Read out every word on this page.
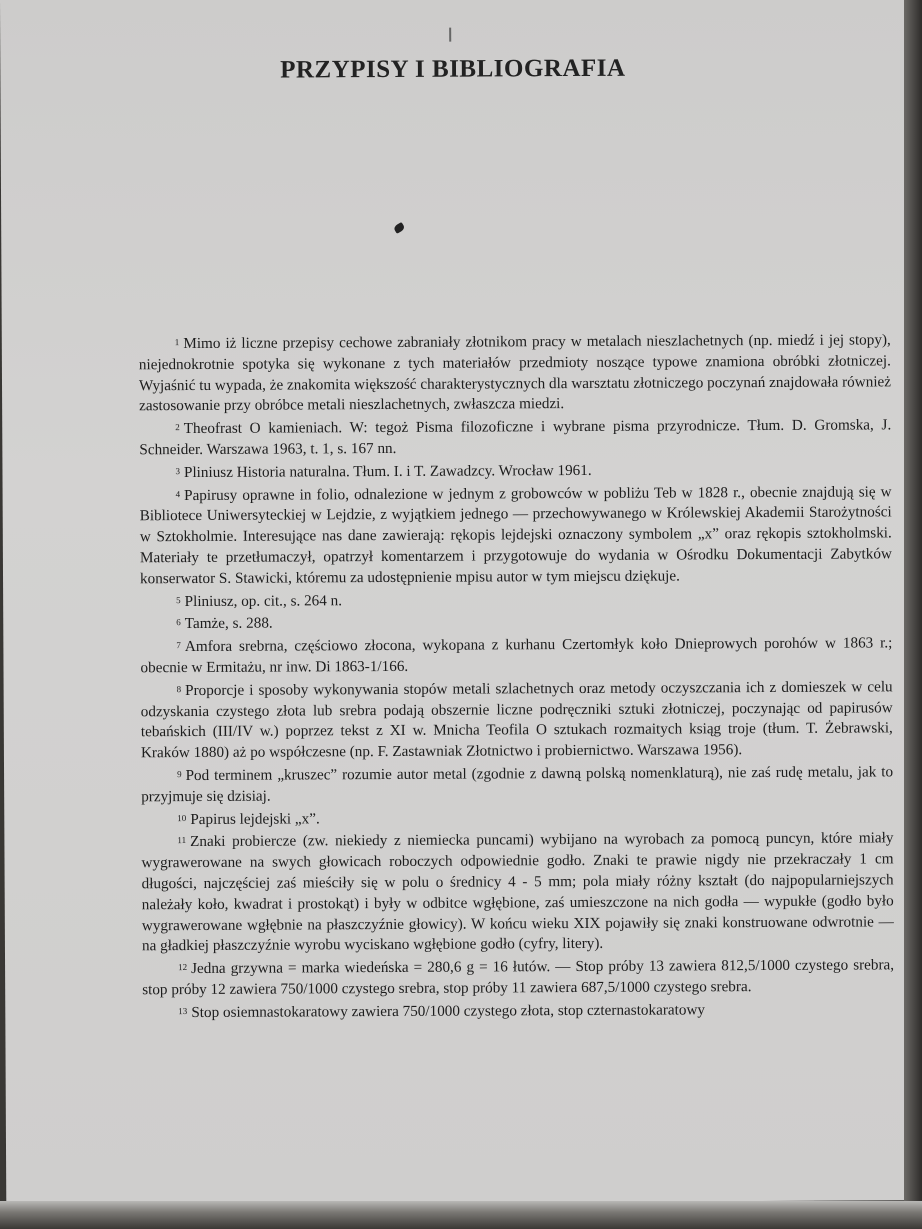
PRZYPISY I BIBLIOGRAFIA

$^1$ Mimo iż liczne przepisy cechowe zabraniały złotnikom pracy w metalach nieszlachetnych (np. miedź i jej stopy), niejednokrotnie spotyka się wykonane z tych materiałów przedmioty noszące typowe znamiona obróbki złotniczej. Wyjaśnić tu wypada, że znakomita większość charakterystycznych dla warsztatu złotniczego poczynań znajdowała również zastosowanie przy obróbce metali nieszlachetnych, zwłaszcza miedzi.

$^2$ Theofrast O kamieniach. W: tegoż Pisma filozoficzne i wybrane pisma przyrodnicze. Tłum. D. Gromska, J. Schneider. Warszawa 1963, t. 1, s. 167 nn.

$^3$ Pliniusz Historia naturalna. Tłum. I. i T. Zawadzcy. Wrocław 1961.

$^4$ Papirusy oprawne in folio, odnalezione w jednym z grobowców w pobliżu Teb w 1828 r., obecnie znajdują się w Bibliotece Uniwersyteckiej w Lejdzie, z wyjątkiem jednego — przechowywanego w Królewskiej Akademii Starożytności w Sztokholmie. Interesujące nas dane zawierają: rękopis lejdejski oznaczony symbolem „x” oraz rękopis sztokholmski. Materiały te przetłumaczył, opatrzył komentarzem i przygotowuje do wydania w Ośrodku Dokumentacji Zabytków konserwator S. Stawicki, któremu za udostępnienie mpisu autor w tym miejscu dziękuje.

$^5$ Pliniusz, op. cit., s. 264 n.

$^6$ Tamże, s. 288.

$^7$ Amfora srebrna, częściowo złocona, wykopana z kurhanu Czertomłyk koło Dnieprowych porohów w 1863 r.; obecnie w Ermitażu, nr inw. Di 1863-1/166.

$^8$ Proporcje i sposoby wykonywania stopów metali szlachetnych oraz metody oczyszczania ich z domieszek w celu odzyskania czystego złota lub srebra podają obszernie liczne podręczniki sztuki złotniczej, poczynając od papirusów tebańskich (III/IV w.) poprzez tekst z XI w. Mnicha Teofila O sztukach rozmaitych ksiąg troje (tłum. T. Żebrawski, Kraków 1880) aż po współczesne (np. F. Zastawniak Złotnictwo i probiernictwo. Warszawa 1956).

$^9$ Pod terminem „kruszec” rozumie autor metal (zgodnie z dawną polską nomenklaturą), nie zaś rudę metalu, jak to przyjmuje się dzisiaj.

$^{10}$ Papirus lejdejski „x”.

$^{11}$ Znaki probiercze (zw. niekiedy z niemiecka puncami) wybijano na wyrobach za pomocą puncyn, które miały wygrawerowane na swych głowicach roboczych odpowiednie godło. Znaki te prawie nigdy nie przekraczały 1 cm długości, najczęściej zaś mieściły się w polu o średnicy 4 - 5 mm; pola miały różny kształt (do najpopularniejszych należały koło, kwadrat i prostokąt) i były w odbitce wgłębione, zaś umieszczone na nich godła — wypukłe (godło było wygrawerowane wgłębnie na płaszczyźnie głowicy). W końcu wieku XIX pojawiły się znaki konstruowane odwrotnie — na gładkiej płaszczyźnie wyrobu wyciskano wgłębione godło (cyfry, litery).

$^{12}$ Jedna grzywna = marka wiedeńska = 280,6 g = 16 łutów. — Stop próby 13 zawiera 812,5/1000 czystego srebra, stop próby 12 zawiera 750/1000 czystego srebra, stop próby 11 zawiera 687,5/1000 czystego srebra.

$^{13}$ Stop osiemnastokaratowy zawiera 750/1000 czystego złota, stop czternastokaratowy
